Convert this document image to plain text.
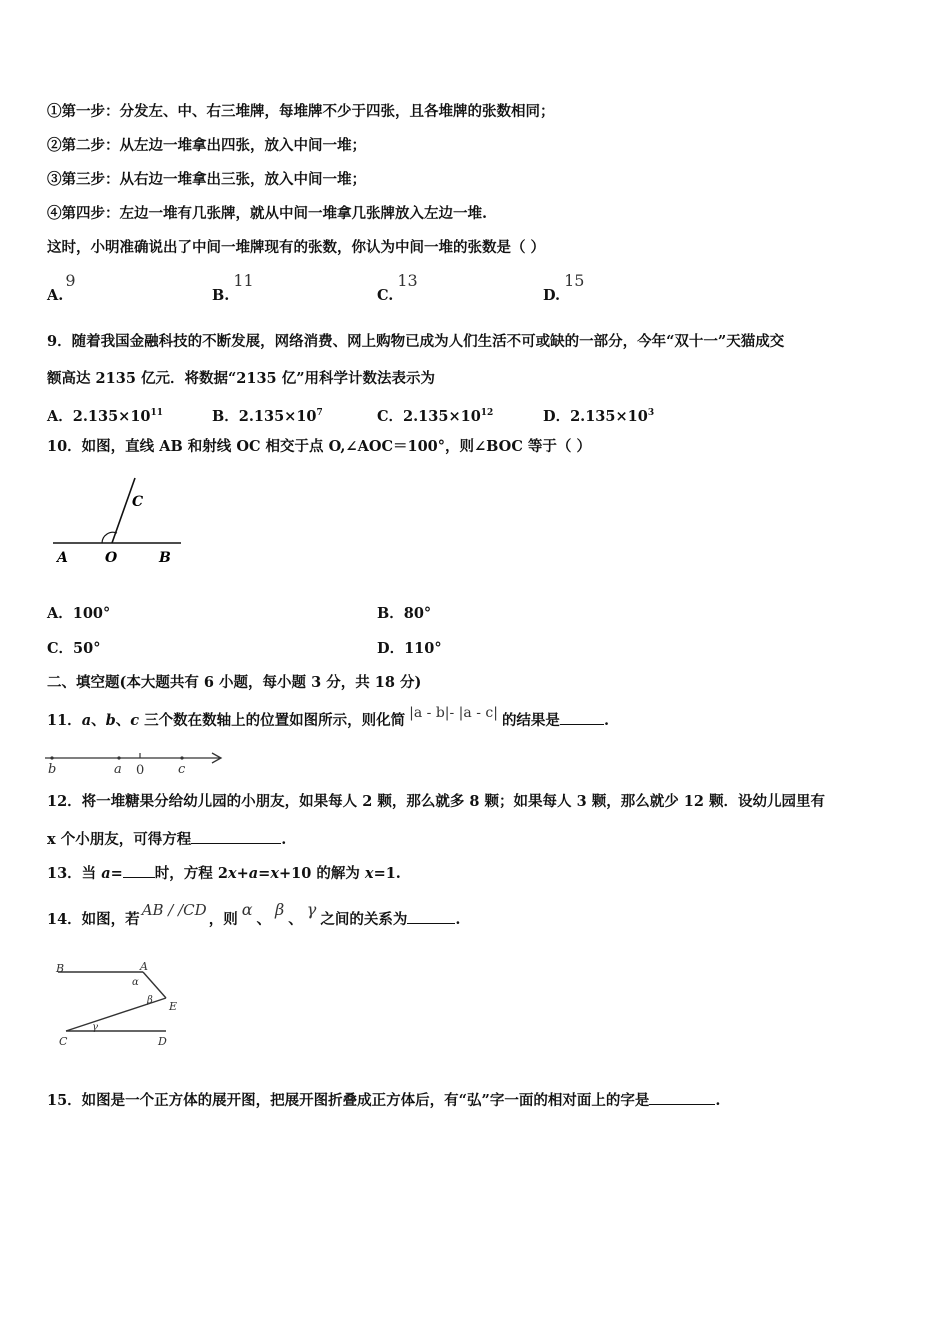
①第一步：分发左、中、右三堆牌，每堆牌不少于四张，且各堆牌的张数相同；
②第二步：从左边一堆拿出四张，放入中间一堆；
③第三步：从右边一堆拿出三张，放入中间一堆；
④第四步：左边一堆有几张牌，就从中间一堆拿几张牌放入左边一堆.
这时，小明准确说出了中间一堆牌现有的张数，你认为中间一堆的张数是（ ）
A.9
B.11
C.13
D.15
9．随着我国金融科技的不断发展，网络消费、网上购物已成为人们生活不可或缺的一部分，今年“双十一”天猫成交
额高达 2135 亿元．将数据“2135 亿”用科学计数法表示为
A．$2.135\times 10^{11}$	B．$2.135\times 10^7$	C．$2.135\times 10^{12}$	D．$2.135\times 10^3$
10．如图，直线 AB 和射线 OC 相交于点 O,∠AOC＝100°，则∠BOC 等于（ ）
A	O	B
C
A．100°	B．80°
C．50°	D．110°
二、填空题(本大题共有 6 小题，每小题 3 分，共 18 分)
11．a、b、c 三个数在数轴上的位置如图所示，则化简 |a - b|- |a - c| 的结果是	.
b	a 0	c
12．将一堆糖果分给幼儿园的小朋友，如果每人 2 颗，那么就多 8 颗；如果每人 3 颗，那么就少 12 颗．设幼儿园里有
x 个小朋友，可得方程	.
13．当 a= 时，方程 2x+a=x+10 的解为 x=1.
14．如图，若AB / /CD，则α、β、γ之间的关系为	.
B	A
E
C	D
α
β
γ
15．如图是一个正方体的展开图，把展开图折叠成正方体后，有“弘”字一面的相对面上的字是	.
